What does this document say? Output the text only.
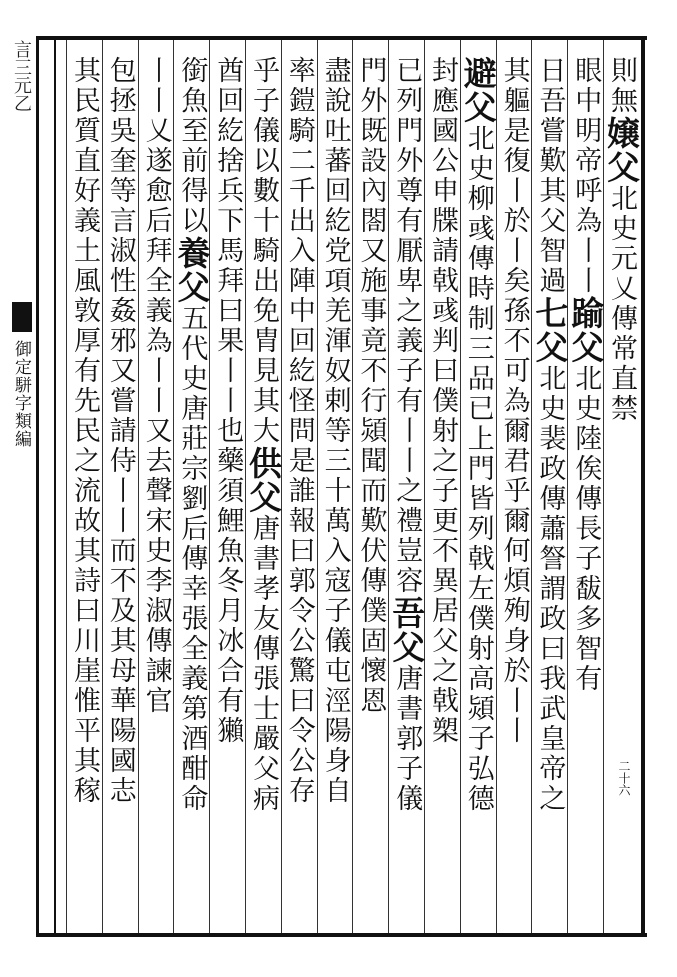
言三元乙
御定駢字類編
二十六
則無嬢父北史元乂傳常直禁
眼中明帝呼為丨丨踰父北史陸俟傳長子馛多智有
日吾嘗歎其父智過七父北史裴政傳蕭詧謂政曰我武皇帝之
其軀是復丨於丨矣孫不可為爾君乎爾何煩殉身於丨丨
避父北史柳彧傳時制三品已上門皆列戟左僕射高熲子弘德
封應國公申牒請戟彧判曰僕射之子更不異居父之戟槊
已列門外尊有厭卑之義子有丨丨之禮豈容吾父唐書郭子儀
門外既設內閤又施事竟不行熲聞而歎伏傳僕固懷恩
盡說吐蕃回紇党項羌渾奴剌等三十萬入寇子儀屯涇陽身自
率鎧騎二千出入陣中回紇怪問是誰報曰郭令公驚曰令公存
乎子儀以數十騎出免胄見其大供父唐書孝友傳張士嚴父病
酋回紇捨兵下馬拜曰果丨丨也藥須鯉魚冬月冰合有獺
銜魚至前得以養父五代史唐莊宗劉后傳幸張全義第酒酣命
丨丨乂遂愈后拜全義為丨丨又去聲宋史李淑傳諫官
包拯吳奎等言淑性姦邪又嘗請侍丨丨而不及其母華陽國志
其民質直好義土風敦厚有先民之流故其詩曰川崖惟平其稼
